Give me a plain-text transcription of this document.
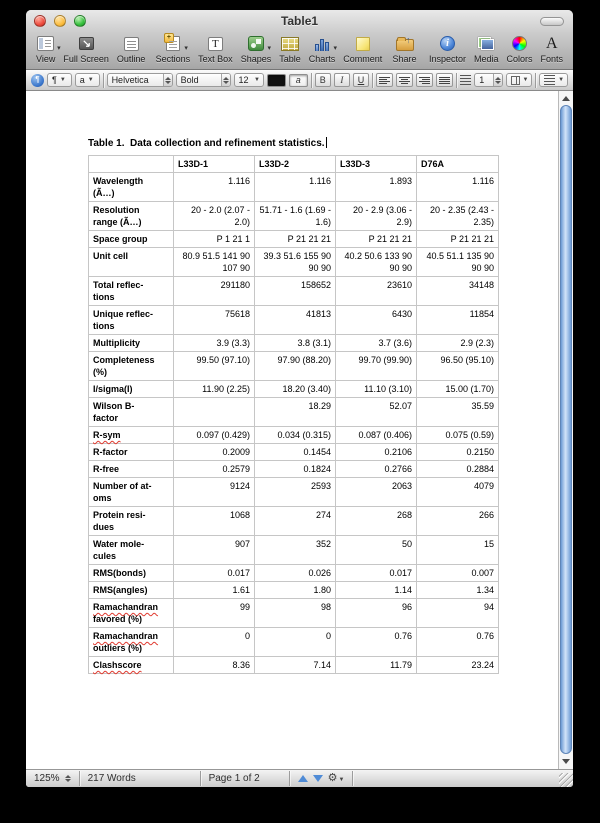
Table1
▾
View Full Screen Outline
+
▾
Sections
T
Text Box
▾
Shapes Table
▾
Charts Comment
↑ Share
i
Inspector Media Colors
A
Fonts
¶	¶ ▼	a ▼	Helvetica	Bold	12 ▼	a	B	I	U	1	▼	▼
Table 1.  Data collection and refinement statistics.
	L33D-1	L33D-2	L33D-3	D76A
Wavelength
(Ã…)	1.116	1.116	1.893	1.116
Resolution
range (Ã…)	20 - 2.0 (2.07 - 2.0)	51.71 - 1.6 (1.69 - 1.6)	20 - 2.9 (3.06 - 2.9)	20 - 2.35 (2.43 - 2.35)
Space group	P 1 21 1	P 21 21 21	P 21 21 21	P 21 21 21
Unit cell	80.9 51.5 141 90 107 90	39.3 51.6 155 90 90 90	40.2 50.6 133 90 90 90	40.5 51.1 135 90 90 90
Total reflec-
tions	291180	158652	23610	34148
Unique reflec-
tions	75618	41813	6430	11854
Multiplicity	3.9 (3.3)	3.8 (3.1)	3.7 (3.6)	2.9 (2.3)
Completeness
(%)	99.50 (97.10)	97.90 (88.20)	99.70 (99.90)	96.50 (95.10)
I/sigma(I)	11.90 (2.25)	18.20 (3.40)	11.10 (3.10)	15.00 (1.70)
Wilson B-
factor		18.29	52.07	35.59
R-sym	0.097 (0.429)	0.034 (0.315)	0.087 (0.406)	0.075 (0.59)
R-factor	0.2009	0.1454	0.2106	0.2150
R-free	0.2579	0.1824	0.2766	0.2884
Number of at-
oms	9124	2593	2063	4079
Protein resi-
dues	1068	274	268	266
Water mole-
cules	907	352	50	15
RMS(bonds)	0.017	0.026	0.017	0.007
RMS(angles)	1.61	1.80	1.14	1.34
Ramachandran
favored (%)	99	98	96	94
Ramachandran
outliers (%)	0	0	0.76	0.76
Clashscore	8.36	7.14	11.79	23.24
125%	217 Words	Page 1 of 2	⚙▼
